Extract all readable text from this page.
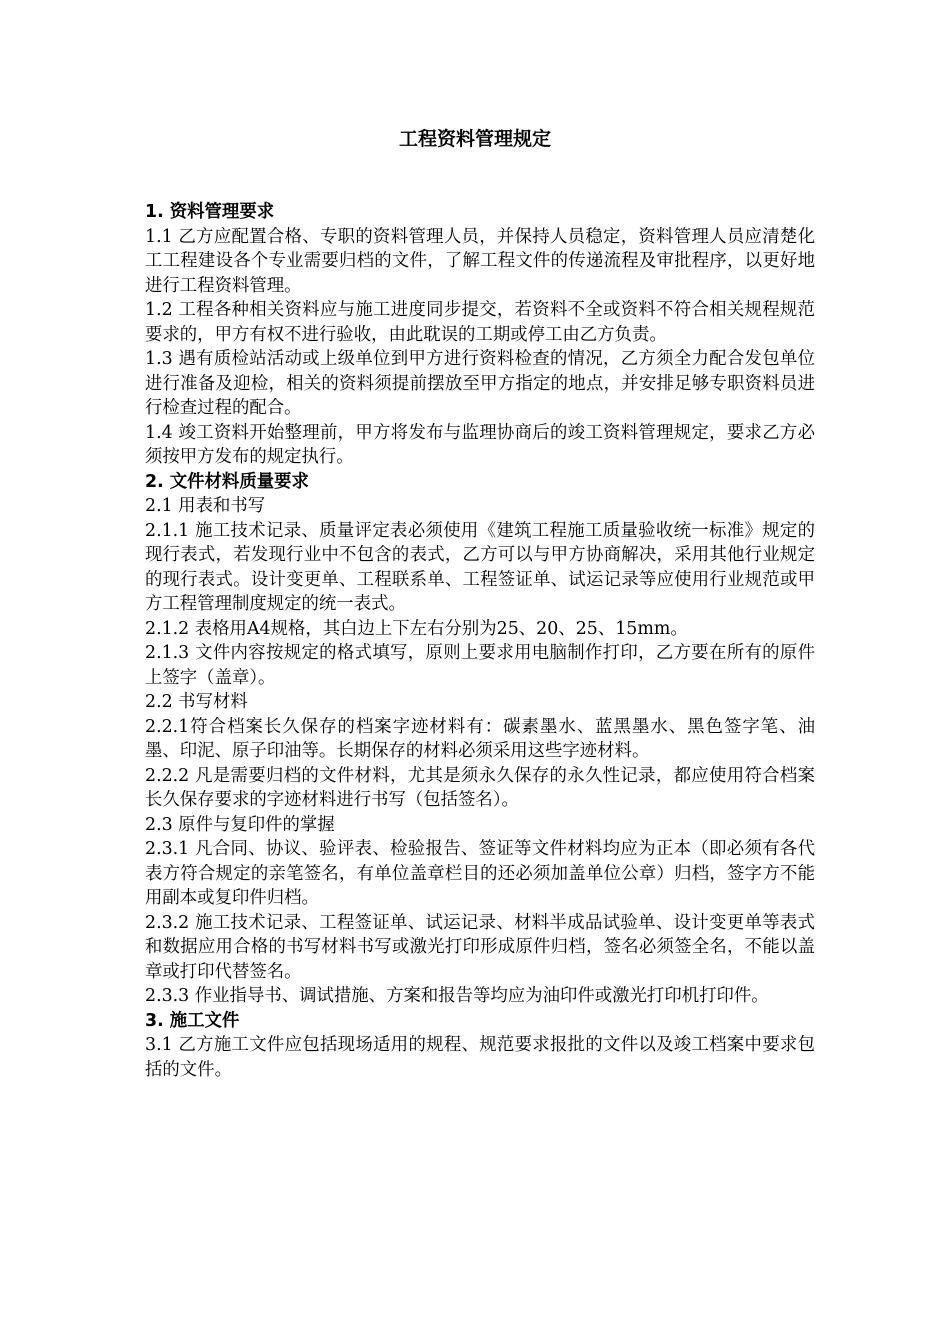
工程资料管理规定

1. 资料管理要求

1.1 乙方应配置合格、专职的资料管理人员，并保持人员稳定，资料管理人员应清楚化工工程建设各个专业需要归档的文件，了解工程文件的传递流程及审批程序，以更好地进行工程资料管理。

1.2 工程各种相关资料应与施工进度同步提交，若资料不全或资料不符合相关规程规范要求的，甲方有权不进行验收，由此耽误的工期或停工由乙方负责。

1.3 遇有质检站活动或上级单位到甲方进行资料检查的情况，乙方须全力配合发包单位进行准备及迎检，相关的资料须提前摆放至甲方指定的地点，并安排足够专职资料员进行检查过程的配合。

1.4 竣工资料开始整理前，甲方将发布与监理协商后的竣工资料管理规定，要求乙方必须按甲方发布的规定执行。

2. 文件材料质量要求

2.1 用表和书写

2.1.1 施工技术记录、质量评定表必须使用《建筑工程施工质量验收统一标准》规定的现行表式，若发现行业中不包含的表式，乙方可以与甲方协商解决，采用其他行业规定的现行表式。设计变更单、工程联系单、工程签证单、试运记录等应使用行业规范或甲方工程管理制度规定的统一表式。

2.1.2 表格用A4规格，其白边上下左右分别为25、20、25、15mm。

2.1.3 文件内容按规定的格式填写，原则上要求用电脑制作打印，乙方要在所有的原件上签字（盖章）。

2.2 书写材料

2.2.1符合档案长久保存的档案字迹材料有：碳素墨水、蓝黑墨水、黑色签字笔、油墨、印泥、原子印油等。长期保存的材料必须采用这些字迹材料。

2.2.2 凡是需要归档的文件材料，尤其是须永久保存的永久性记录，都应使用符合档案长久保存要求的字迹材料进行书写（包括签名）。

2.3 原件与复印件的掌握

2.3.1 凡合同、协议、验评表、检验报告、签证等文件材料均应为正本（即必须有各代表方符合规定的亲笔签名，有单位盖章栏目的还必须加盖单位公章）归档，签字方不能用副本或复印件归档。

2.3.2 施工技术记录、工程签证单、试运记录、材料半成品试验单、设计变更单等表式和数据应用合格的书写材料书写或激光打印形成原件归档，签名必须签全名，不能以盖章或打印代替签名。

2.3.3 作业指导书、调试措施、方案和报告等均应为油印件或激光打印机打印件。

3. 施工文件

3.1 乙方施工文件应包括现场适用的规程、规范要求报批的文件以及竣工档案中要求包括的文件。
